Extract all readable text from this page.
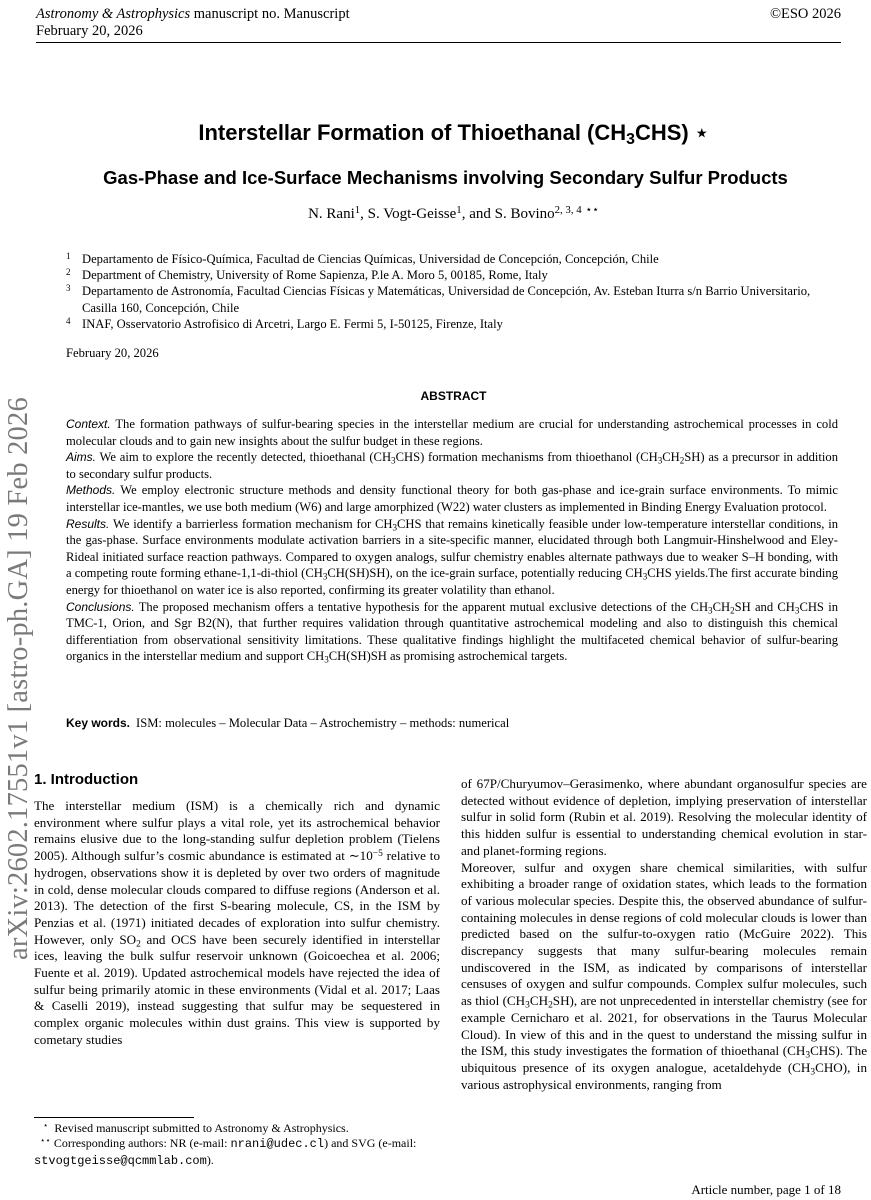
Astronomy & Astrophysics manuscript no. Manuscript
February 20, 2026
©ESO 2026
arXiv:2602.17551v1 [astro-ph.GA] 19 Feb 2026
Interstellar Formation of Thioethanal $(CH_3CHS)$ ⋆
Gas-Phase and Ice-Surface Mechanisms involving Secondary Sulfur Products
N. Rani$^1$, S. Vogt-Geisse$^1$, and S. Bovino$^{2, 3, 4}$ ⋆⋆
1 Departamento de Físico-Química, Facultad de Ciencias Químicas, Universidad de Concepción, Concepción, Chile
2 Department of Chemistry, University of Rome Sapienza, P.le A. Moro 5, 00185, Rome, Italy
3 Departamento de Astronomía, Facultad Ciencias Físicas y Matemáticas, Universidad de Concepción, Av. Esteban Iturra s/n Barrio Universitario, Casilla 160, Concepción, Chile
4 INAF, Osservatorio Astrofisico di Arcetri, Largo E. Fermi 5, I-50125, Firenze, Italy
February 20, 2026
ABSTRACT

Context. The formation pathways of sulfur-bearing species in the interstellar medium are crucial for understanding astrochemical processes in cold molecular clouds and to gain new insights about the sulfur budget in these regions.

Aims. We aim to explore the recently detected, thioethanal $(CH_3CHS)$ formation mechanisms from thioethanol $(CH_3CH_2SH)$ as a precursor in addition to secondary sulfur products.

Methods. We employ electronic structure methods and density functional theory for both gas-phase and ice-grain surface environments. To mimic interstellar ice-mantles, we use both medium (W6) and large amorphized (W22) water clusters as implemented in Binding Energy Evaluation protocol.

Results. We identify a barrierless formation mechanism for $CH_3CHS$ that remains kinetically feasible under low-temperature interstellar conditions, in the gas-phase. Surface environments modulate activation barriers in a site-specific manner, elucidated through both Langmuir-Hinshelwood and Eley-Rideal initiated surface reaction pathways. Compared to oxygen analogs, sulfur chemistry enables alternate pathways due to weaker S–H bonding, with a competing route forming ethane-1,1-di-thiol $(CH_3CH(SH)SH)$, on the ice-grain surface, potentially reducing $CH_3CHS$ yields.The first accurate binding energy for thioethanol on water ice is also reported, confirming its greater volatility than ethanol.

Conclusions. The proposed mechanism offers a tentative hypothesis for the apparent mutual exclusive detections of the $CH_3CH_2SH$ and $CH_3CHS$ in TMC-1, Orion, and Sgr B2(N), that further requires validation through quantitative astrochemical modeling and also to distinguish this chemical differentiation from observational sensitivity limitations. These qualitative findings highlight the multifaceted chemical behavior of sulfur-bearing organics in the interstellar medium and support $CH_3CH(SH)SH$ as promising astrochemical targets.

Key words. ISM: molecules – Molecular Data – Astrochemistry – methods: numerical
1. Introduction

The interstellar medium (ISM) is a chemically rich and dynamic environment where sulfur plays a vital role, yet its astrochemical behavior remains elusive due to the long-standing sulfur depletion problem (Tielens 2005). Although sulfur’s cosmic abundance is estimated at $\sim 10^{-5}$ relative to hydrogen, observations show it is depleted by over two orders of magnitude in cold, dense molecular clouds compared to diffuse regions (Anderson et al. 2013). The detection of the first S-bearing molecule, CS, in the ISM by Penzias et al. (1971) initiated decades of exploration into sulfur chemistry. However, only $SO_2$ and OCS have been securely identified in interstellar ices, leaving the bulk sulfur reservoir unknown (Goicoechea et al. 2006; Fuente et al. 2019). Updated astrochemical models have rejected the idea of sulfur being primarily atomic in these environments (Vidal et al. 2017; Laas & Caselli 2019), instead suggesting that sulfur may be sequestered in complex organic molecules within dust grains. This view is supported by cometary studies

of 67P/Churyumov–Gerasimenko, where abundant organosulfur species are detected without evidence of depletion, implying preservation of interstellar sulfur in solid form (Rubin et al. 2019). Resolving the molecular identity of this hidden sulfur is essential to understanding chemical evolution in star- and planet-forming regions.

Moreover, sulfur and oxygen share chemical similarities, with sulfur exhibiting a broader range of oxidation states, which leads to the formation of various molecular species. Despite this, the observed abundance of sulfur-containing molecules in dense regions of cold molecular clouds is lower than predicted based on the sulfur-to-oxygen ratio (McGuire 2022). This discrepancy suggests that many sulfur-bearing molecules remain undiscovered in the ISM, as indicated by comparisons of interstellar censuses of oxygen and sulfur compounds. Complex sulfur molecules, such as thiol $(CH_3CH_2SH)$, are not unprecedented in interstellar chemistry (see for example Cernicharo et al. 2021, for observations in the Taurus Molecular Cloud). In view of this and in the quest to understand the missing sulfur in the ISM, this study investigates the formation of thioethanal $(CH_3CHS)$. The ubiquitous presence of its oxygen analogue, acetaldehyde $(CH_3CHO)$, in various astrophysical environments, ranging from

⋆ Revised manuscript submitted to Astronomy & Astrophysics.

⋆⋆ Corresponding authors: NR (e-mail: nrani@udec.cl) and SVG (e-mail: stvogtgeisse@qcmmlab.com).

Article number, page 1 of 18
